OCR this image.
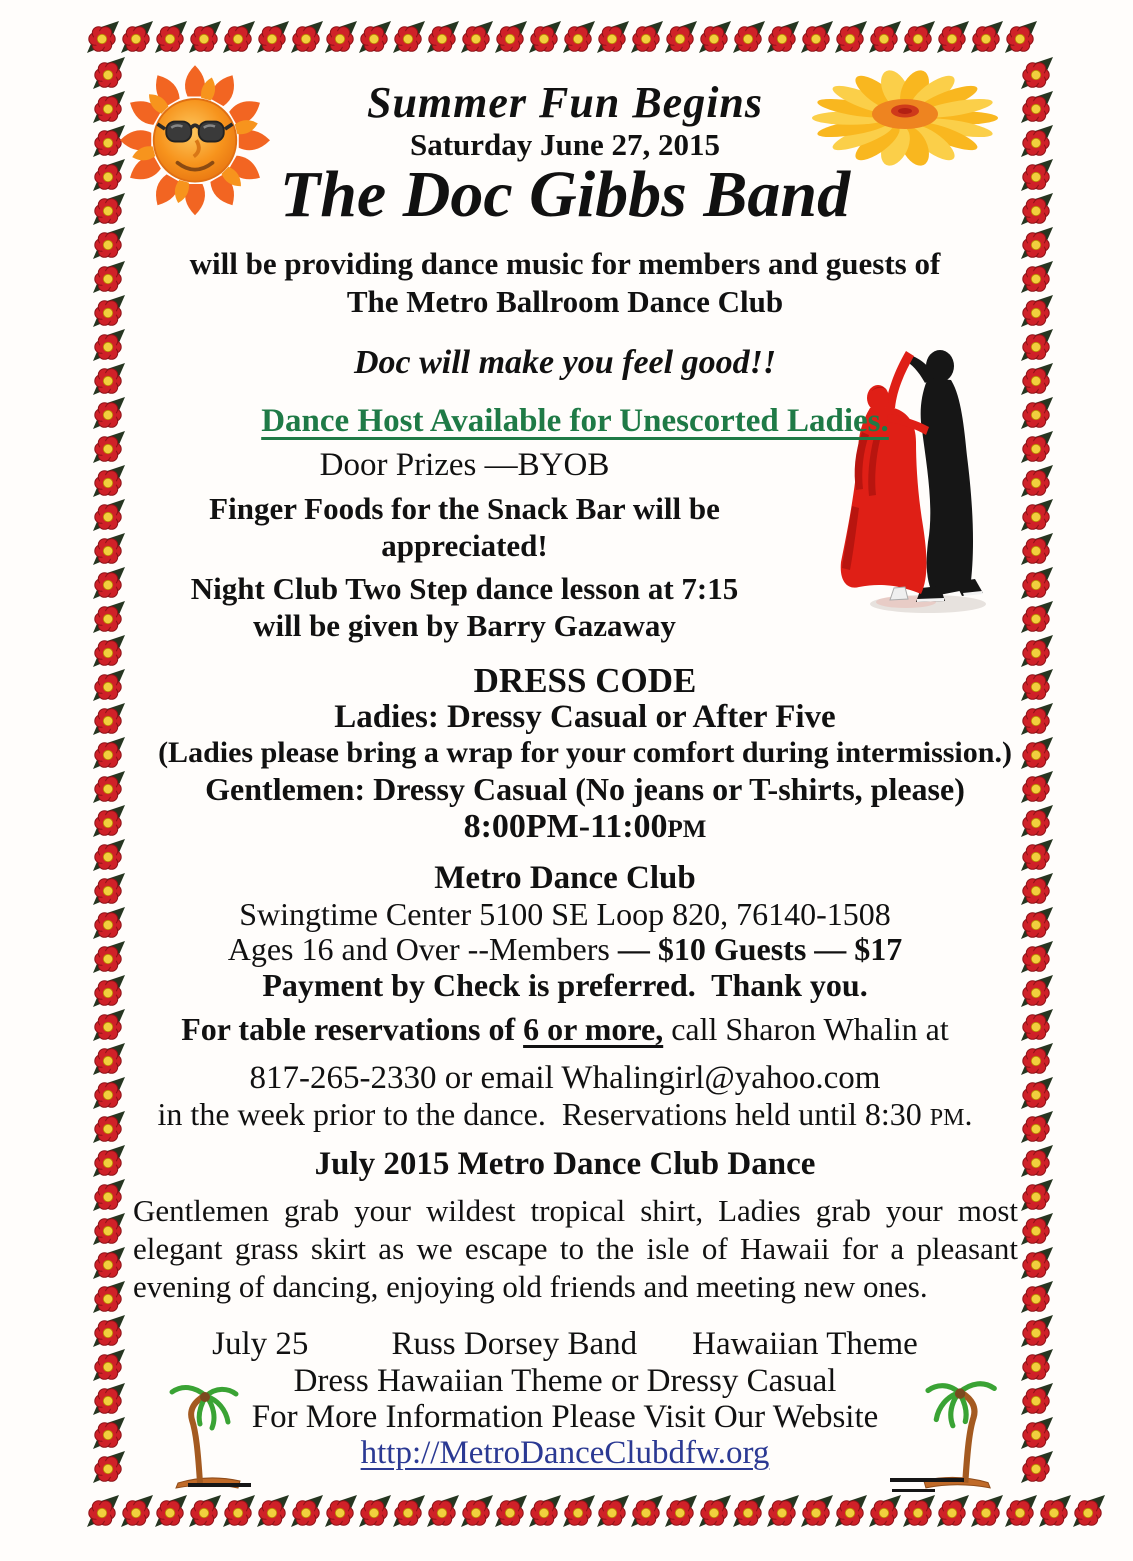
Summer Fun Begins
Saturday June 27, 2015
The Doc Gibbs Band
will be providing dance music for members and guests of
The Metro Ballroom Dance Club
Doc will make you feel good!!
Dance Host Available for Unescorted Ladies.
Door Prizes —BYOB
Finger Foods for the Snack Bar will be
appreciated!
Night Club Two Step dance lesson at 7:15
will be given by Barry Gazaway
DRESS CODE
Ladies: Dressy Casual or After Five
(Ladies please bring a wrap for your comfort during intermission.)
Gentlemen: Dressy Casual (No jeans or T-shirts, please)
8:00PM-11:00PM
Metro Dance Club
Swingtime Center 5100 SE Loop 820, 76140-1508
Ages 16 and Over --Members — $10 Guests — $17
Payment by Check is preferred.  Thank you.
For table reservations of 6 or more, call Sharon Whalin at
817-265-2330 or email Whalingirl@yahoo.com
in the week prior to the dance.  Reservations held until 8:30 PM.
July 2015 Metro Dance Club Dance
Gentlemen grab your wildest tropical shirt, Ladies grab your most elegant grass skirt as we escape to the isle of Hawaii for a pleasant evening of dancing, enjoying old friends and meeting new ones.
July 25	Russ Dorsey Band Hawaiian Theme
Dress Hawaiian Theme or Dressy Casual
For More Information Please Visit Our Website
http://MetroDanceClubdfw.org
